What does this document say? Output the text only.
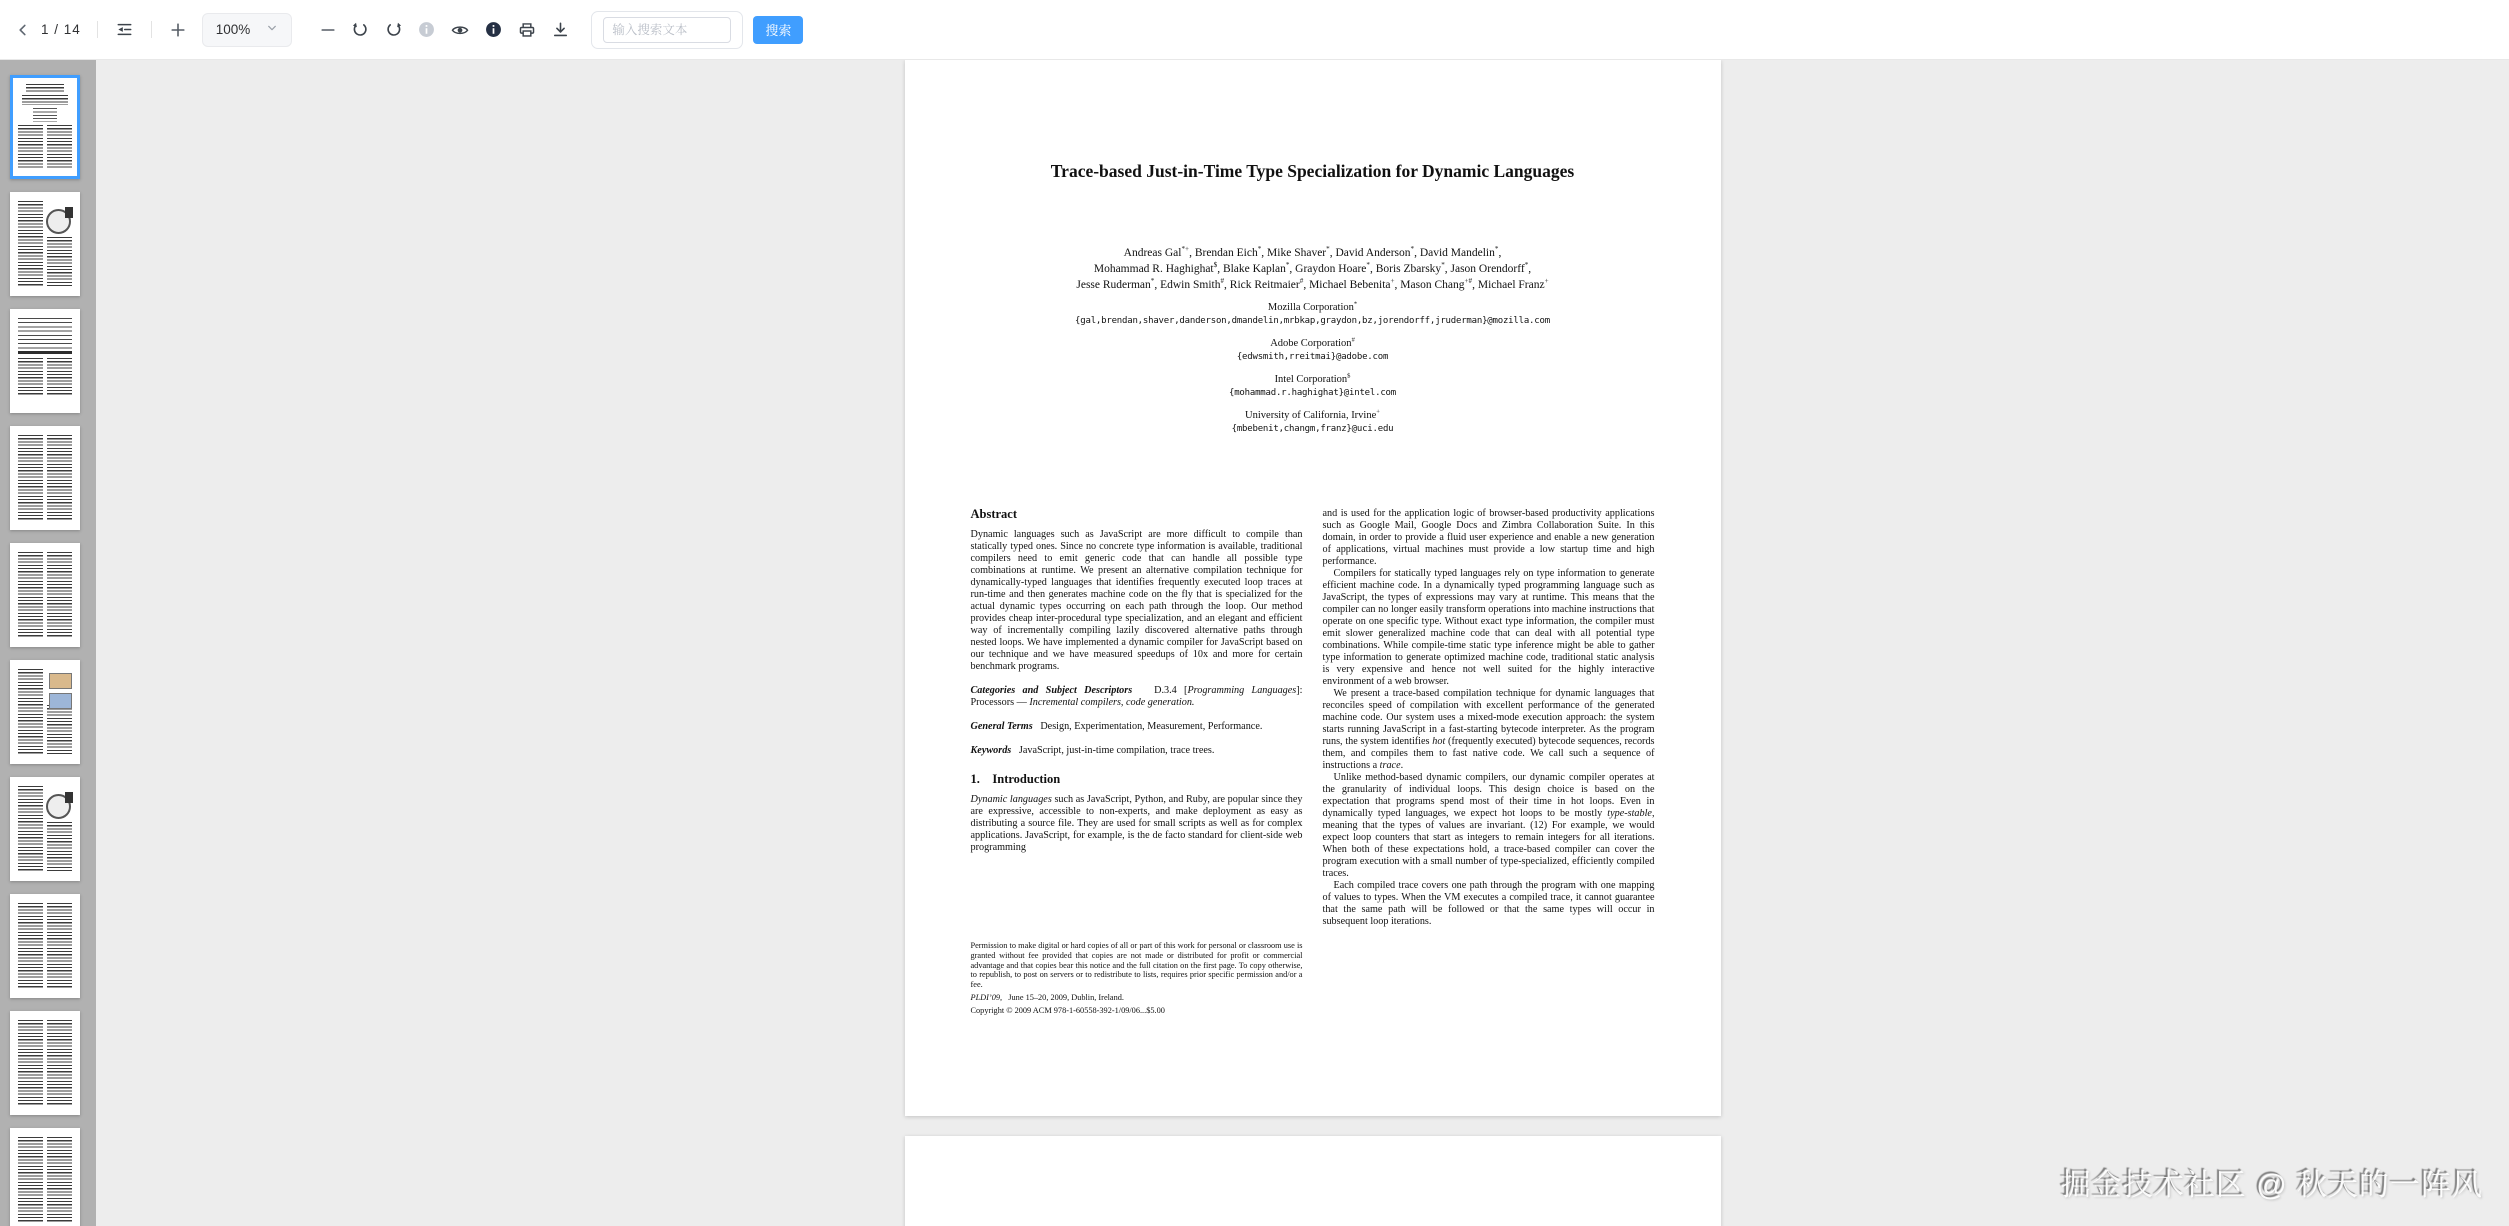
1 / 14	100%
输入搜索文本	搜索
Trace-based Just-in-Time Type Specialization for Dynamic Languages
Andreas Gal*+, Brendan Eich*, Mike Shaver*, David Anderson*, David Mandelin*,
Mohammad R. Haghighat$, Blake Kaplan*, Graydon Hoare*, Boris Zbarsky*, Jason Orendorff*,
Jesse Ruderman*, Edwin Smith#, Rick Reitmaier#, Michael Bebenita+, Mason Chang+#, Michael Franz+
Mozilla Corporation*
{gal,brendan,shaver,danderson,dmandelin,mrbkap,graydon,bz,jorendorff,jruderman}@mozilla.com
Adobe Corporation#
{edwsmith,rreitmai}@adobe.com
Intel Corporation$
{mohammad.r.haghighat}@intel.com
University of California, Irvine+
{mbebenit,changm,franz}@uci.edu
Abstract

Dynamic languages such as JavaScript are more difficult to compile than statically typed ones. Since no concrete type information is available, traditional compilers need to emit generic code that can handle all possible type combinations at runtime. We present an alternative compilation technique for dynamically-typed languages that identifies frequently executed loop traces at run-time and then generates machine code on the fly that is specialized for the actual dynamic types occurring on each path through the loop. Our method provides cheap inter-procedural type specialization, and an elegant and efficient way of incrementally compiling lazily discovered alternative paths through nested loops. We have implemented a dynamic compiler for JavaScript based on our technique and we have measured speedups of 10x and more for certain benchmark programs.

Categories and Subject Descriptors   D.3.4 [Programming Languages]: Processors — Incremental compilers, code generation.

General Terms   Design, Experimentation, Measurement, Performance.

Keywords   JavaScript, just-in-time compilation, trace trees.

1.    Introduction

Dynamic languages such as JavaScript, Python, and Ruby, are popular since they are expressive, accessible to non-experts, and make deployment as easy as distributing a source file. They are used for small scripts as well as for complex applications. JavaScript, for example, is the de facto standard for client-side web programming

and is used for the application logic of browser-based productivity applications such as Google Mail, Google Docs and Zimbra Collaboration Suite. In this domain, in order to provide a fluid user experience and enable a new generation of applications, virtual machines must provide a low startup time and high performance.

Compilers for statically typed languages rely on type information to generate efficient machine code. In a dynamically typed programming language such as JavaScript, the types of expressions may vary at runtime. This means that the compiler can no longer easily transform operations into machine instructions that operate on one specific type. Without exact type information, the compiler must emit slower generalized machine code that can deal with all potential type combinations. While compile-time static type inference might be able to gather type information to generate optimized machine code, traditional static analysis is very expensive and hence not well suited for the highly interactive environment of a web browser.

We present a trace-based compilation technique for dynamic languages that reconciles speed of compilation with excellent performance of the generated machine code. Our system uses a mixed-mode execution approach: the system starts running JavaScript in a fast-starting bytecode interpreter. As the program runs, the system identifies hot (frequently executed) bytecode sequences, records them, and compiles them to fast native code. We call such a sequence of instructions a trace.

Unlike method-based dynamic compilers, our dynamic compiler operates at the granularity of individual loops. This design choice is based on the expectation that programs spend most of their time in hot loops. Even in dynamically typed languages, we expect hot loops to be mostly type-stable, meaning that the types of values are invariant. (12) For example, we would expect loop counters that start as integers to remain integers for all iterations. When both of these expectations hold, a trace-based compiler can cover the program execution with a small number of type-specialized, efficiently compiled traces.

Each compiled trace covers one path through the program with one mapping of values to types. When the VM executes a compiled trace, it cannot guarantee that the same path will be followed or that the same types will occur in subsequent loop iterations.

Permission to make digital or hard copies of all or part of this work for personal or classroom use is granted without fee provided that copies are not made or distributed for profit or commercial advantage and that copies bear this notice and the full citation on the first page. To copy otherwise, to republish, to post on servers or to redistribute to lists, requires prior specific permission and/or a fee.
PLDI’09,   June 15–20, 2009, Dublin, Ireland.
Copyright © 2009 ACM 978-1-60558-392-1/09/06...$5.00
掘金技术社区 @ 秋天的一阵风
